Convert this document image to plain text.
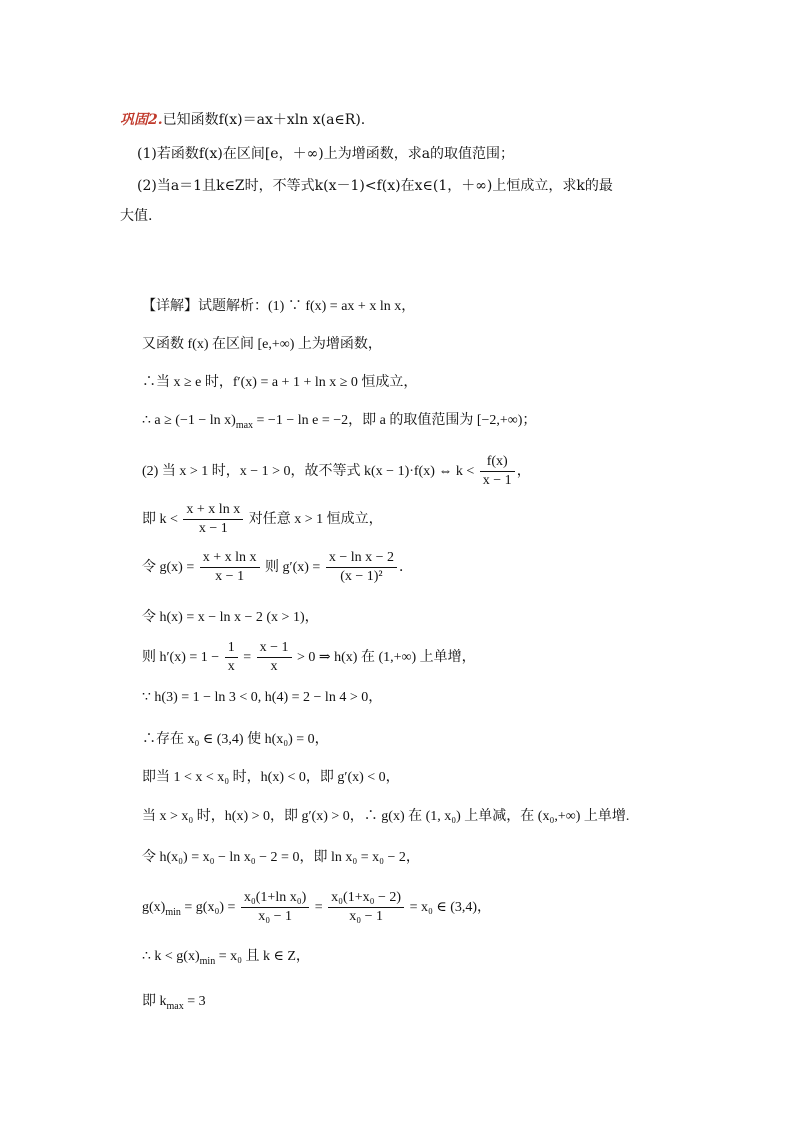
巩固2.已知函数f(x)＝ax＋xln x(a∈R).
(1)若函数f(x)在区间[e，＋∞)上为增函数，求a的取值范围；
(2)当a＝1且k∈Z时，不等式k(x－1)<f(x)在x∈(1，＋∞)上恒成立，求k的最
大值.
【详解】试题解析：(1) ∵ f(x) = ax + x ln x，
又函数 f(x) 在区间 [e,+∞) 上为增函数，
∴当 x ≥ e 时，f′(x) = a + 1 + ln x ≥ 0 恒成立，
∴ $a \ge (-1 - \ln x)_{max} = -1 - \ln e = -2$，即 a 的取值范围为 [−2,+∞)；
(2) 当 x > 1 时，x − 1 > 0，故不等式 k(x − 1)·f(x) ⇔ $k < \frac{f(x)}{x - 1}$ ，
即 $k < \frac{\text{x + x ln x}}{x - 1}$ 对任意 x > 1 恒成立，
令 $g(x) = \frac{\text{x + x ln x}}{x - 1}$ 则 $g'(x) = \frac{\text{x − ln x − 2}}{\text{(x − 1)²}}$ ．
令 h(x) = x − ln x − 2 (x > 1)，
则 $h'(x) = 1 - \frac{1}{x} = \frac{x - 1}{x} > 0$ ⇒ h(x) 在 (1,+∞) 上单增，
∵ h(3) = 1 − ln 3 < 0, h(4) = 2 − ln 4 > 0，
∴存在 x₀ ∈ (3,4) 使 h(x₀) = 0，
即当 1 < x < x₀ 时，h(x) < 0，即 g′(x) < 0，
当 x > x₀ 时，h(x) > 0，即 g′(x) > 0，∴ g(x) 在 (1, x₀) 上单减，在 (x₀,+∞) 上单增.
令 h(x₀) = x₀ − ln x₀ − 2 = 0，即 ln x₀ = x₀ − 2，
$g(x)_{min} = g(x_0) = \frac{\text{x₀(1+ln x₀)}}{\text{x₀ − 1}} = \frac{\text{x₀(1+x₀ − 2)}}{\text{x₀ − 1}} = x_0$ ∈ (3,4)，
∴ $k < g(x)_{min} = x_0$ 且 k ∈ Z，
即 $k_{max} = 3$
